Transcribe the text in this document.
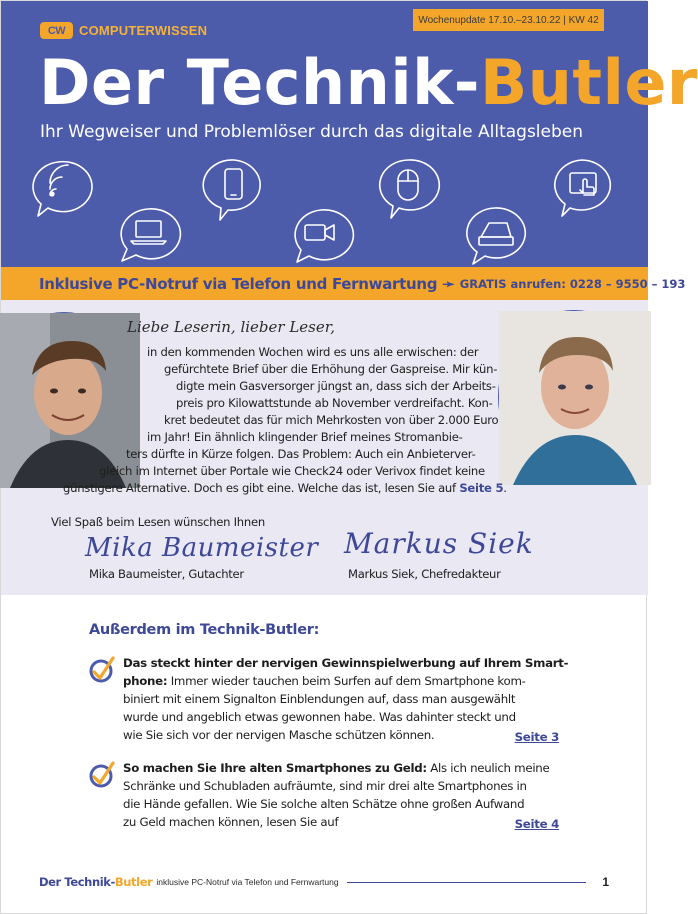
CW	COMPUTERWISSEN
Wochenupdate 17.10.–23.10.22 | KW 42
Der Technik-Butler
Ihr Wegweiser und Problemlöser durch das digitale Alltagsleben
Inklusive PC-Notruf via Telefon und Fernwartung ➛ GRATIS anrufen: 0228 – 9550 – 193
Liebe Leserin, lieber Leser,
in den kommenden Wochen wird es uns alle erwischen: der
gefürchtete Brief über die Erhöhung der Gaspreise. Mir kün-
digte mein Gasversorger jüngst an, dass sich der Arbeits-
preis pro Kilowattstunde ab November verdreifacht. Kon-
kret bedeutet das für mich Mehrkosten von über 2.000 Euro
im Jahr! Ein ähnlich klingender Brief meines Stromanbie-
ters dürfte in Kürze folgen. Das Problem: Auch ein Anbieterver-
gleich im Internet über Portale wie Check24 oder Verivox findet keine
günstigere Alternative. Doch es gibt eine. Welche das ist, lesen Sie auf Seite 5.
Viel Spaß beim Lesen wünschen Ihnen
Mika Baumeister Markus Siek
Mika Baumeister, Gutachter	Markus Siek, Chefredakteur
Außerdem im Technik-Butler:
Das steckt hinter der nervigen Gewinnspielwerbung auf Ihrem Smart-
phone: Immer wieder tauchen beim Surfen auf dem Smartphone kom-
biniert mit einem Signalton Einblendungen auf, dass man ausgewählt
wurde und angeblich etwas gewonnen habe. Was dahinter steckt und
wie Sie sich vor der nervigen Masche schützen können.	Seite 3
So machen Sie Ihre alten Smartphones zu Geld: Als ich neulich meine
Schränke und Schubladen aufräumte, sind mir drei alte Smartphones in
die Hände gefallen. Wie Sie solche alten Schätze ohne großen Aufwand
zu Geld machen können, lesen Sie auf	Seite 4
Der Technik- Butler inklusive PC-Notruf via Telefon und Fernwartung	1
